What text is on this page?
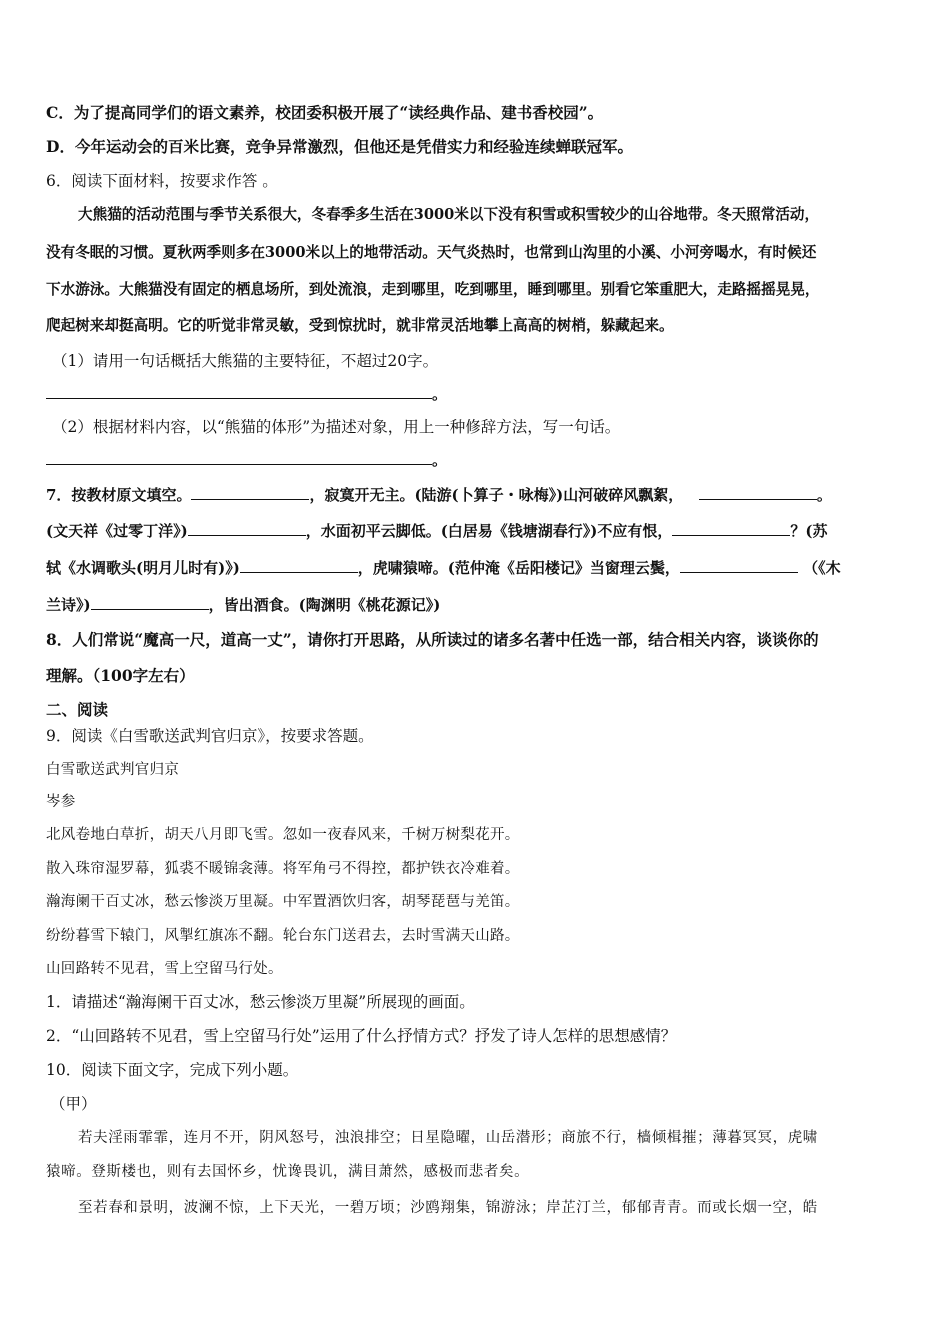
C．为了提高同学们的语文素养，校团委积极开展了“读经典作品、建书香校园”。
D．今年运动会的百米比赛，竞争异常激烈，但他还是凭借实力和经验连续蝉联冠军。
6．阅读下面材料，按要求作答 。
大熊猫的活动范围与季节关系很大，冬春季多生活在3000米以下没有积雪或积雪较少的山谷地带。冬天照常活动，
没有冬眠的习惯。夏秋两季则多在3000米以上的地带活动。天气炎热时，也常到山沟里的小溪、小河旁喝水，有时候还
下水游泳。大熊猫没有固定的栖息场所，到处流浪，走到哪里，吃到哪里，睡到哪里。别看它笨重肥大，走路摇摇晃晃，
爬起树来却挺高明。它的听觉非常灵敏，受到惊扰时，就非常灵活地攀上高高的树梢，躲藏起来。
（1）请用一句话概括大熊猫的主要特征，不超过20字。
。
（2）根据材料内容，以“熊猫的体形”为描述对象，用上一种修辞方法，写一句话。
。
7．按教材原文填空。	，寂寞开无主。(陆游(卜算子・咏梅》)山河破碎风飘絮，	。
(文天祥《过零丁洋》)	，水面初平云脚低。(白居易《钱塘湖春行》)不应有恨，	？(苏
轼《水调歌头(明月儿时有)》)	，虎啸猿啼。(范仲淹《岳阳楼记》当窗理云鬓，	（《木
兰诗》)	，皆出酒食。(陶渊明《桃花源记》)
8．人们常说“魔高一尺，道高一丈”，请你打开思路，从所读过的诸多名著中任选一部，结合相关内容，谈谈你的
理解。（100字左右）
二、阅读
9．阅读《白雪歌送武判官归京》，按要求答题。
白雪歌送武判官归京
岑参
北风卷地白草折，胡天八月即飞雪。忽如一夜春风来，千树万树梨花开。
散入珠帘湿罗幕，狐裘不暖锦衾薄。将军角弓不得控，都护铁衣冷难着。
瀚海阑干百丈冰，愁云惨淡万里凝。中军置酒饮归客，胡琴琵琶与羌笛。
纷纷暮雪下辕门，风掣红旗冻不翻。轮台东门送君去，去时雪满天山路。
山回路转不见君，雪上空留马行处。
1．请描述“瀚海阑干百丈冰，愁云惨淡万里凝”所展现的画面。
2．“山回路转不见君，雪上空留马行处”运用了什么抒情方式？抒发了诗人怎样的思想感情？
10．阅读下面文字，完成下列小题。
（甲）
若夫淫雨霏霏，连月不开，阴风怒号，浊浪排空；日星隐曜，山岳潜形；商旅不行，樯倾楫摧；薄暮冥冥，虎啸
猿啼。登斯楼也，则有去国怀乡，忧谗畏讥，满目萧然，感极而悲者矣。
至若春和景明，波澜不惊，上下天光，一碧万顷；沙鸥翔集，锦游泳；岸芷汀兰，郁郁青青。而或长烟一空，皓
